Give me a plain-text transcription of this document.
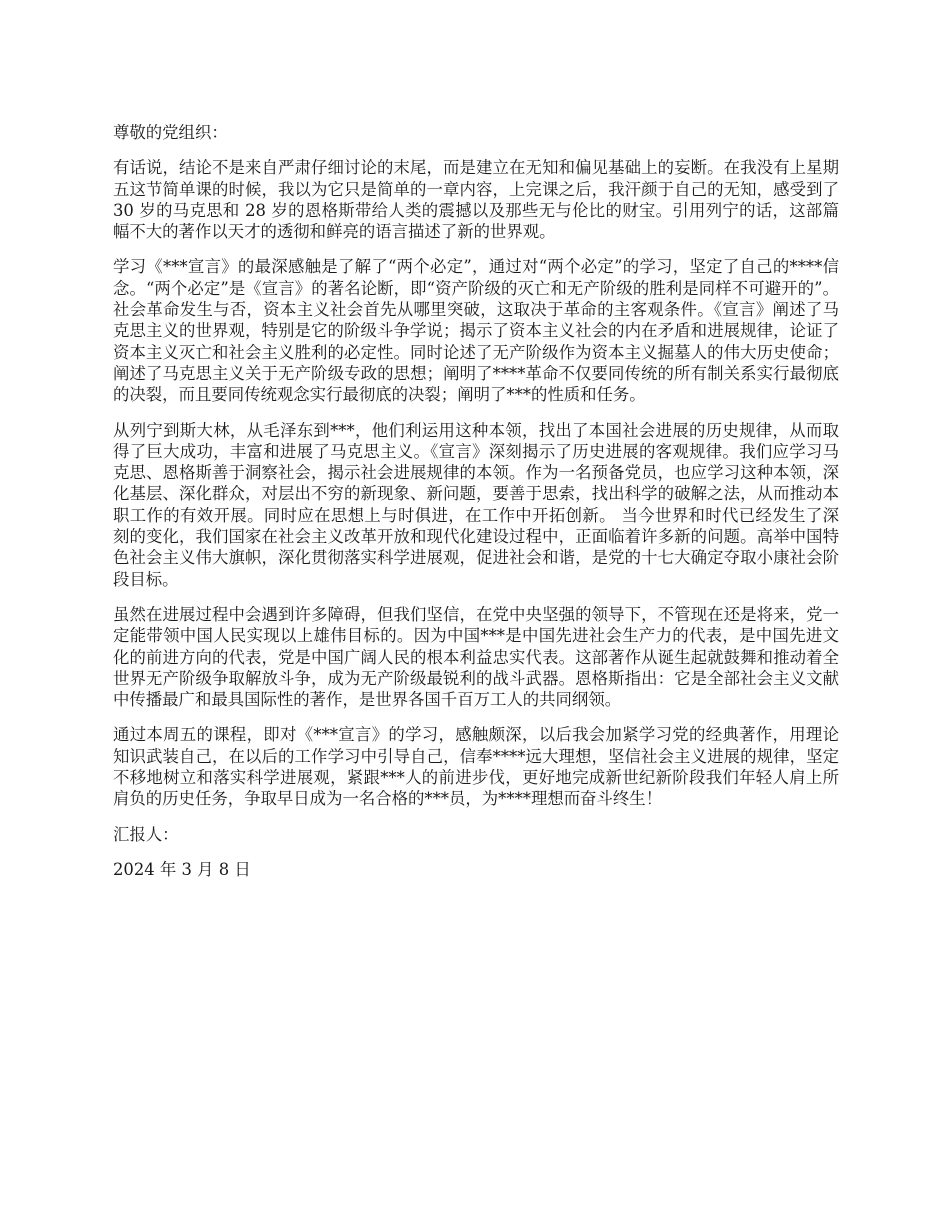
尊敬的党组织：

有话说，结论不是来自严肃仔细讨论的末尾，而是建立在无知和偏见基础上的妄断。在我没有上星期五这节简单课的时候，我以为它只是简单的一章内容，上完课之后，我汗颜于自己的无知，感受到了 30 岁的马克思和 28 岁的恩格斯带给人类的震撼以及那些无与伦比的财宝。引用列宁的话，这部篇幅不大的著作以天才的透彻和鲜亮的语言描述了新的世界观。

学习《***宣言》的最深感触是了解了“两个必定”，通过对“两个必定”的学习，坚定了自己的****信念。“两个必定”是《宣言》的著名论断，即“资产阶级的灭亡和无产阶级的胜利是同样不可避开的”。社会革命发生与否，资本主义社会首先从哪里突破，这取决于革命的主客观条件。《宣言》阐述了马克思主义的世界观，特别是它的阶级斗争学说；揭示了资本主义社会的内在矛盾和进展规律，论证了资本主义灭亡和社会主义胜利的必定性。同时论述了无产阶级作为资本主义掘墓人的伟大历史使命；阐述了马克思主义关于无产阶级专政的思想；阐明了****革命不仅要同传统的所有制关系实行最彻底的决裂，而且要同传统观念实行最彻底的决裂；阐明了***的性质和任务。

从列宁到斯大林，从毛泽东到***，他们利运用这种本领，找出了本国社会进展的历史规律，从而取得了巨大成功，丰富和进展了马克思主义。《宣言》深刻揭示了历史进展的客观规律。我们应学习马克思、恩格斯善于洞察社会，揭示社会进展规律的本领。作为一名预备党员，也应学习这种本领，深化基层、深化群众，对层出不穷的新现象、新问题，要善于思索，找出科学的破解之法，从而推动本职工作的有效开展。同时应在思想上与时俱进，在工作中开拓创新。 当今世界和时代已经发生了深刻的变化，我们国家在社会主义改革开放和现代化建设过程中，正面临着许多新的问题。高举中国特色社会主义伟大旗帜，深化贯彻落实科学进展观，促进社会和谐，是党的十七大确定夺取小康社会阶段目标。

虽然在进展过程中会遇到许多障碍，但我们坚信，在党中央坚强的领导下，不管现在还是将来，党一定能带领中国人民实现以上雄伟目标的。因为中国***是中国先进社会生产力的代表，是中国先进文化的前进方向的代表，党是中国广阔人民的根本利益忠实代表。这部著作从诞生起就鼓舞和推动着全世界无产阶级争取解放斗争，成为无产阶级最锐利的战斗武器。恩格斯指出：它是全部社会主义文献中传播最广和最具国际性的著作，是世界各国千百万工人的共同纲领。

通过本周五的课程，即对《***宣言》的学习，感触颇深，以后我会加紧学习党的经典著作，用理论知识武装自己，在以后的工作学习中引导自己，信奉****远大理想，坚信社会主义进展的规律，坚定不移地树立和落实科学进展观，紧跟***人的前进步伐，更好地完成新世纪新阶段我们年轻人肩上所肩负的历史任务，争取早日成为一名合格的***员，为****理想而奋斗终生！

汇报人：

2024 年 3 月 8 日
